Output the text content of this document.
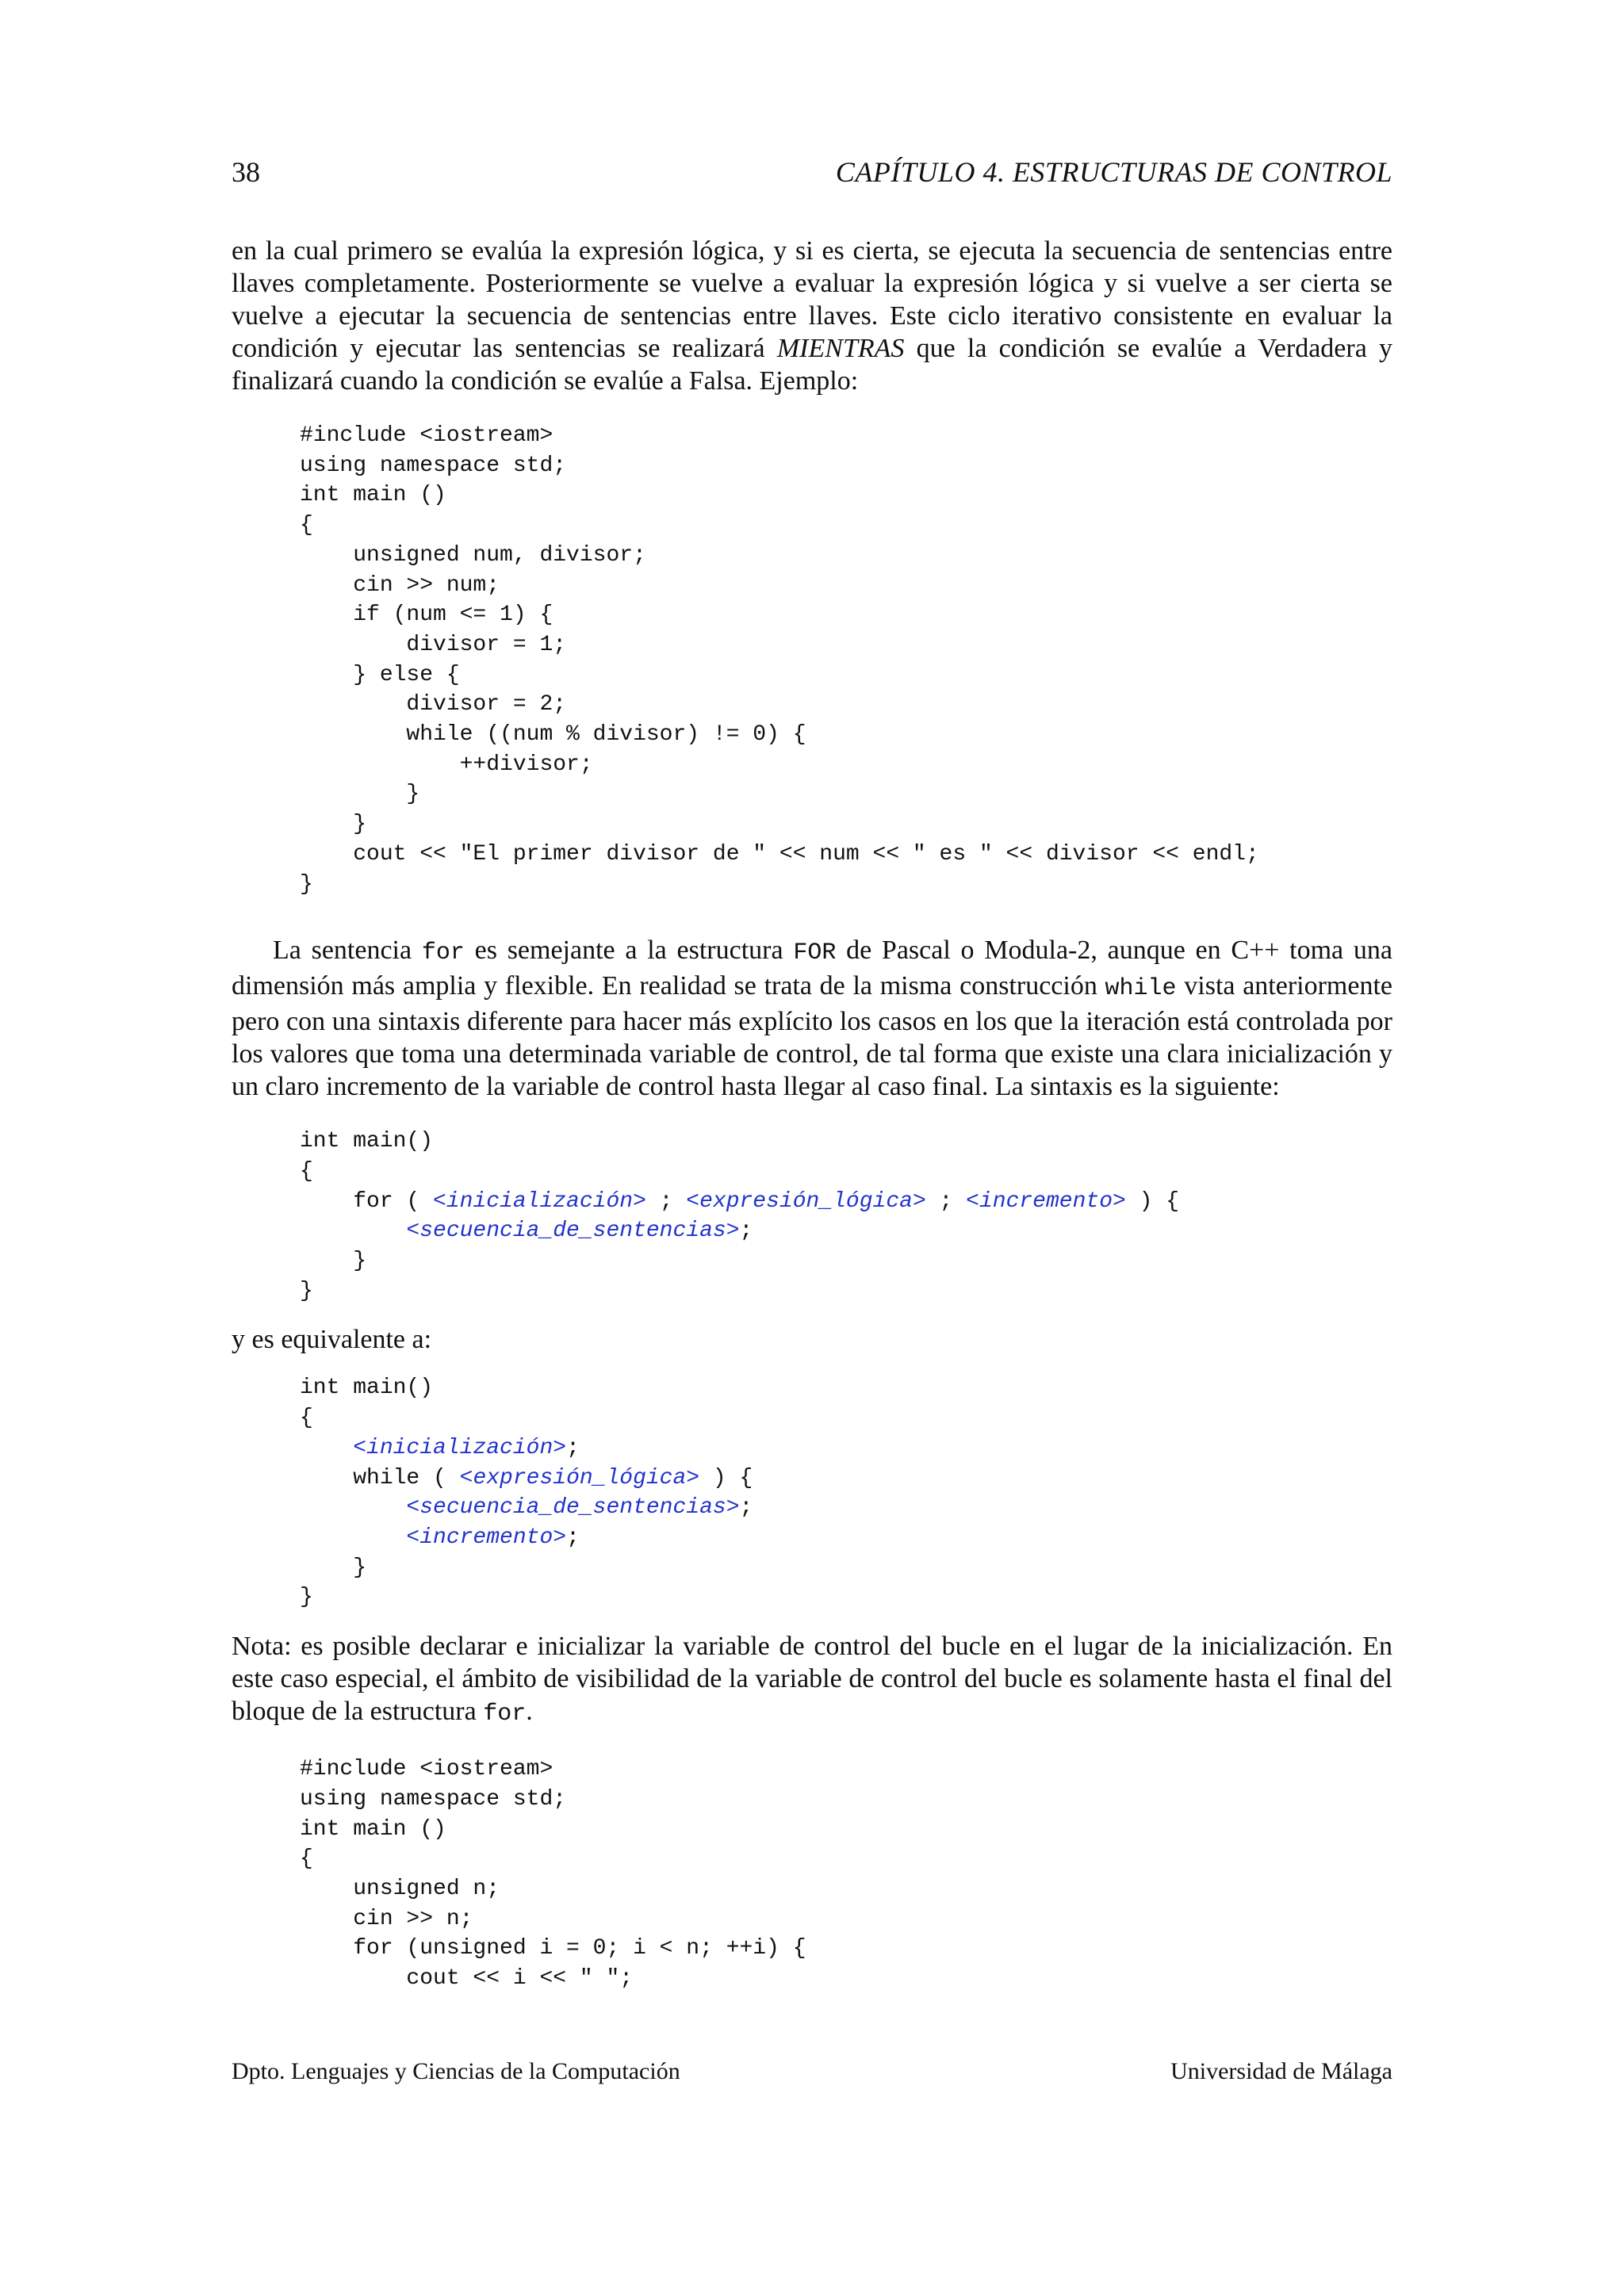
38	CAPÍTULO 4. ESTRUCTURAS DE CONTROL

en la cual primero se evalúa la expresión lógica, y si es cierta, se ejecuta la secuencia de sentencias entre llaves completamente. Posteriormente se vuelve a evaluar la expresión lógica y si vuelve a ser cierta se vuelve a ejecutar la secuencia de sentencias entre llaves. Este ciclo iterativo consistente en evaluar la condición y ejecutar las sentencias se realizará MIENTRAS que la condición se evalúe a Verdadera y finalizará cuando la condición se evalúe a Falsa. Ejemplo:

#include <iostream>
using namespace std;
int main ()
{
unsigned num, divisor;
cin >> num;
if (num <= 1) {
divisor = 1;
} else {
divisor = 2;
while ((num % divisor) != 0) {
++divisor;
}
}
cout << "El primer divisor de " << num << " es " << divisor << endl;
}

La sentencia for es semejante a la estructura FOR de Pascal o Modula-2, aunque en C++ toma una dimensión más amplia y flexible. En realidad se trata de la misma construcción while vista anteriormente pero con una sintaxis diferente para hacer más explícito los casos en los que la iteración está controlada por los valores que toma una determinada variable de control, de tal forma que existe una clara inicialización y un claro incremento de la variable de control hasta llegar al caso final. La sintaxis es la siguiente:

int main()
{
for ( <inicialización> ; <expresión_lógica> ; <incremento> ) {
<secuencia_de_sentencias>;
}
}

y es equivalente a:

int main()
{
<inicialización>;
while ( <expresión_lógica> ) {
<secuencia_de_sentencias>;
<incremento>;
}
}

Nota: es posible declarar e inicializar la variable de control del bucle en el lugar de la inicialización. En este caso especial, el ámbito de visibilidad de la variable de control del bucle es solamente hasta el final del bloque de la estructura for.

#include <iostream>
using namespace std;
int main ()
{
unsigned n;
cin >> n;
for (unsigned i = 0; i < n; ++i) {
cout << i << " ";
Dpto. Lenguajes y Ciencias de la Computación	Universidad de Málaga
